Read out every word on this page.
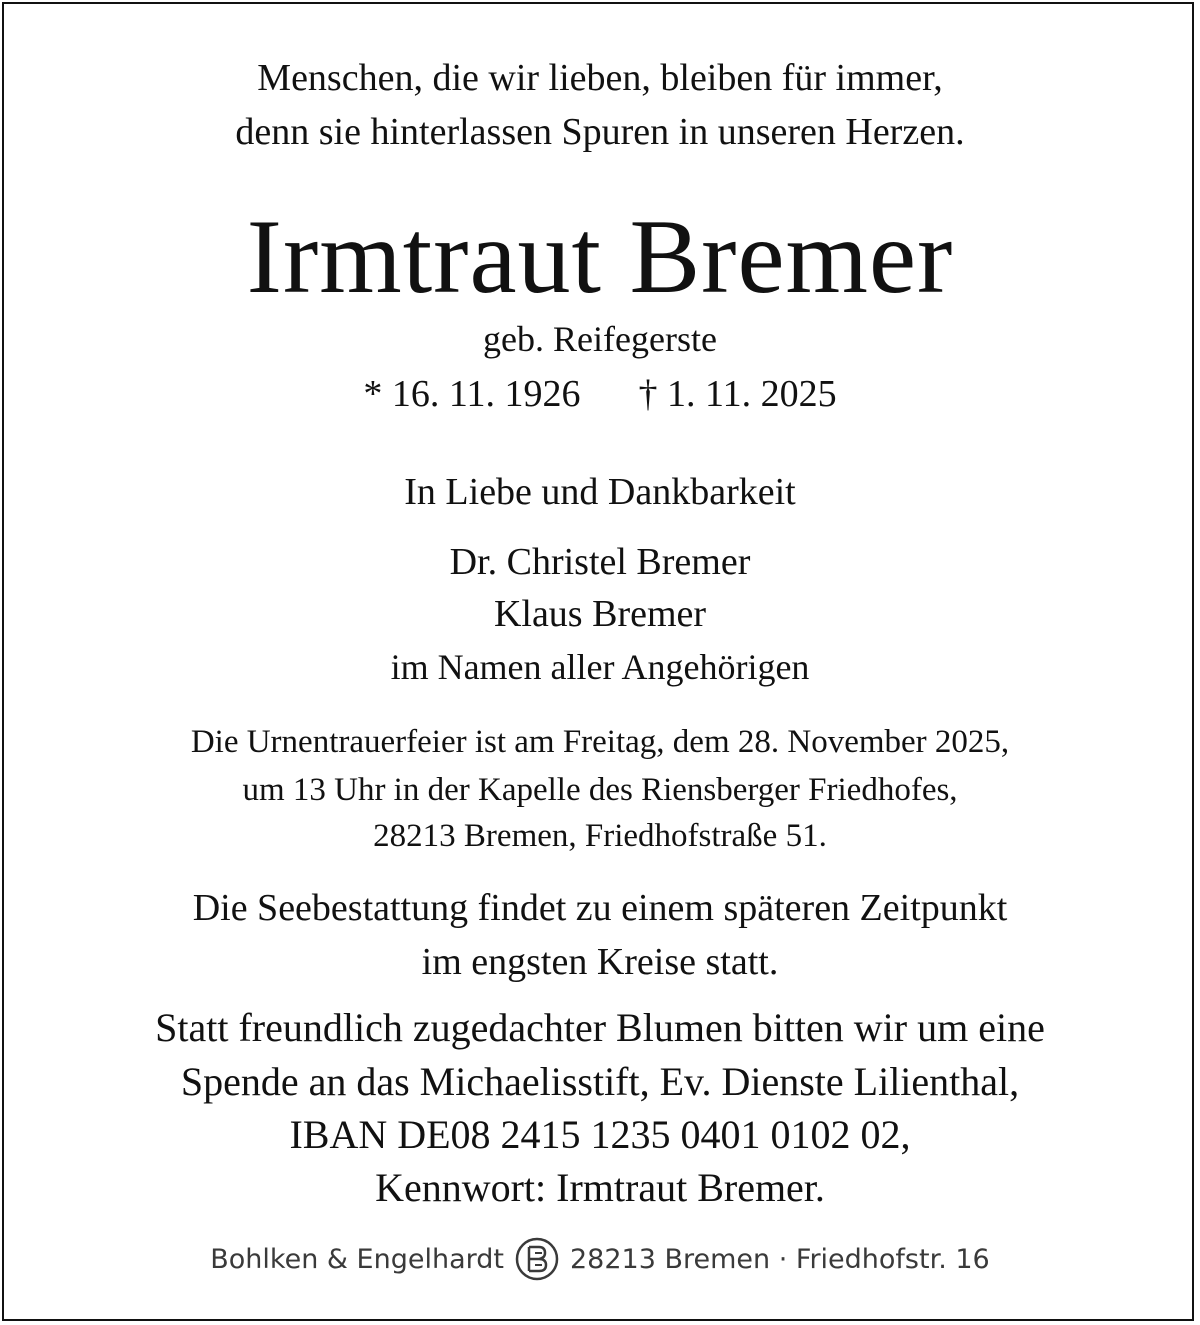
Menschen, die wir lieben, bleiben für immer,
denn sie hinterlassen Spuren in unseren Herzen.
Irmtraut Bremer
geb. Reifegerste
* 16. 11. 1926 † 1. 11. 2025
In Liebe und Dankbarkeit
Dr. Christel Bremer
Klaus Bremer
im Namen aller Angehörigen
Die Urnentrauerfeier ist am Freitag, dem 28. November 2025,
um 13 Uhr in der Kapelle des Riensberger Friedhofes,
28213 Bremen, Friedhofstraße 51.
Die Seebestattung findet zu einem späteren Zeitpunkt
im engsten Kreise statt.
Statt freundlich zugedachter Blumen bitten wir um eine
Spende an das Michaelisstift, Ev. Dienste Lilienthal,
IBAN DE08 2415 1235 0401 0102 02,
Kennwort: Irmtraut Bremer.
Bohlken & Engelhardt 28213 Bremen · Friedhofstr. 16
